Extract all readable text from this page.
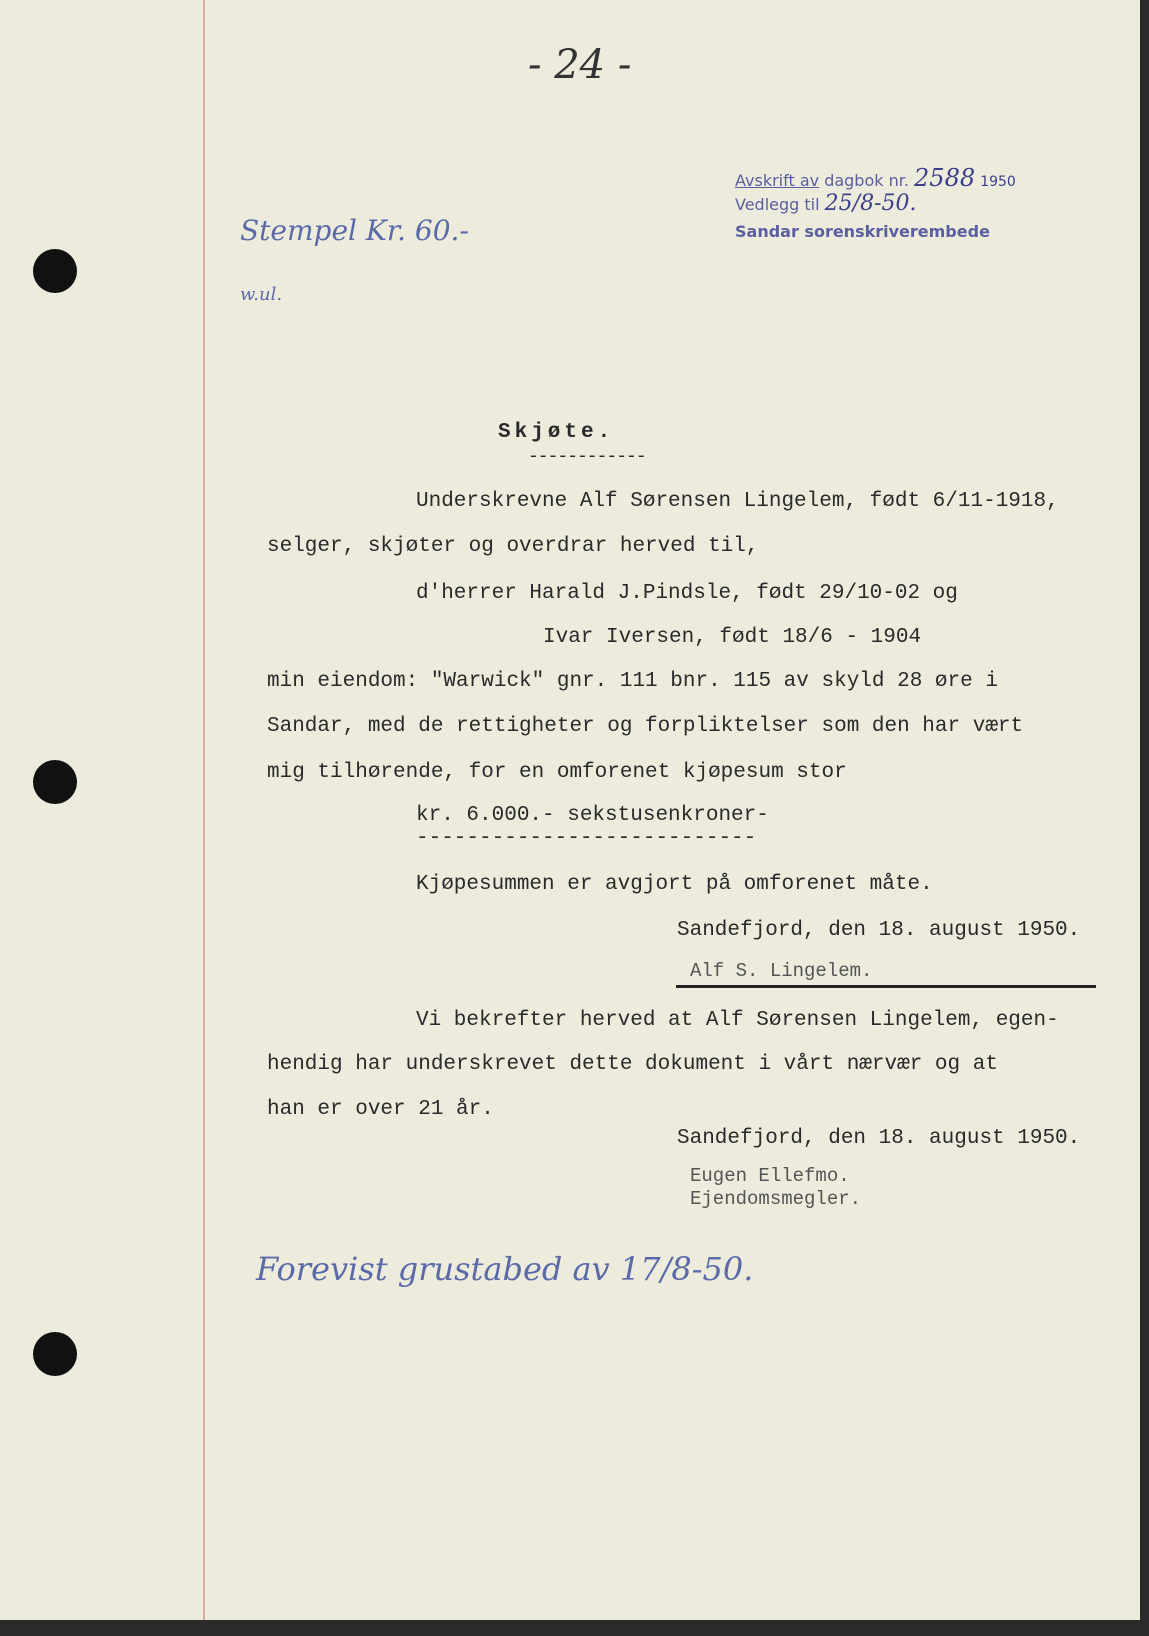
- 24 -
Avskrift av dagbok nr. 2588 1950
Vedlegg til 25/8-50.
Sandar sorenskriverembede
Stempel Kr. 60.-
w.ul.
Skjøte.
------------
Underskrevne Alf Sørensen Lingelem, født 6/11-1918,
selger, skjøter og overdrar herved til,
d'herrer Harald J.Pindsle, født 29/10-02 og
Ivar Iversen, født 18/6 - 1904
min eiendom: "Warwick" gnr. 111 bnr. 115 av skyld 28 øre i
Sandar, med de rettigheter og forpliktelser som den har vært
mig tilhørende, for en omforenet kjøpesum stor
kr. 6.000.- sekstusenkroner-
---------------------------
Kjøpesummen er avgjort på omforenet måte.
Sandefjord, den 18. august 1950.
Alf S. Lingelem.
Vi bekrefter herved at Alf Sørensen Lingelem, egen-
hendig har underskrevet dette dokument i vårt nærvær og at
han er over 21 år.
Sandefjord, den 18. august 1950.
Eugen Ellefmo.
Ejendomsmegler.
Forevist grustabed av 17/8-50.
